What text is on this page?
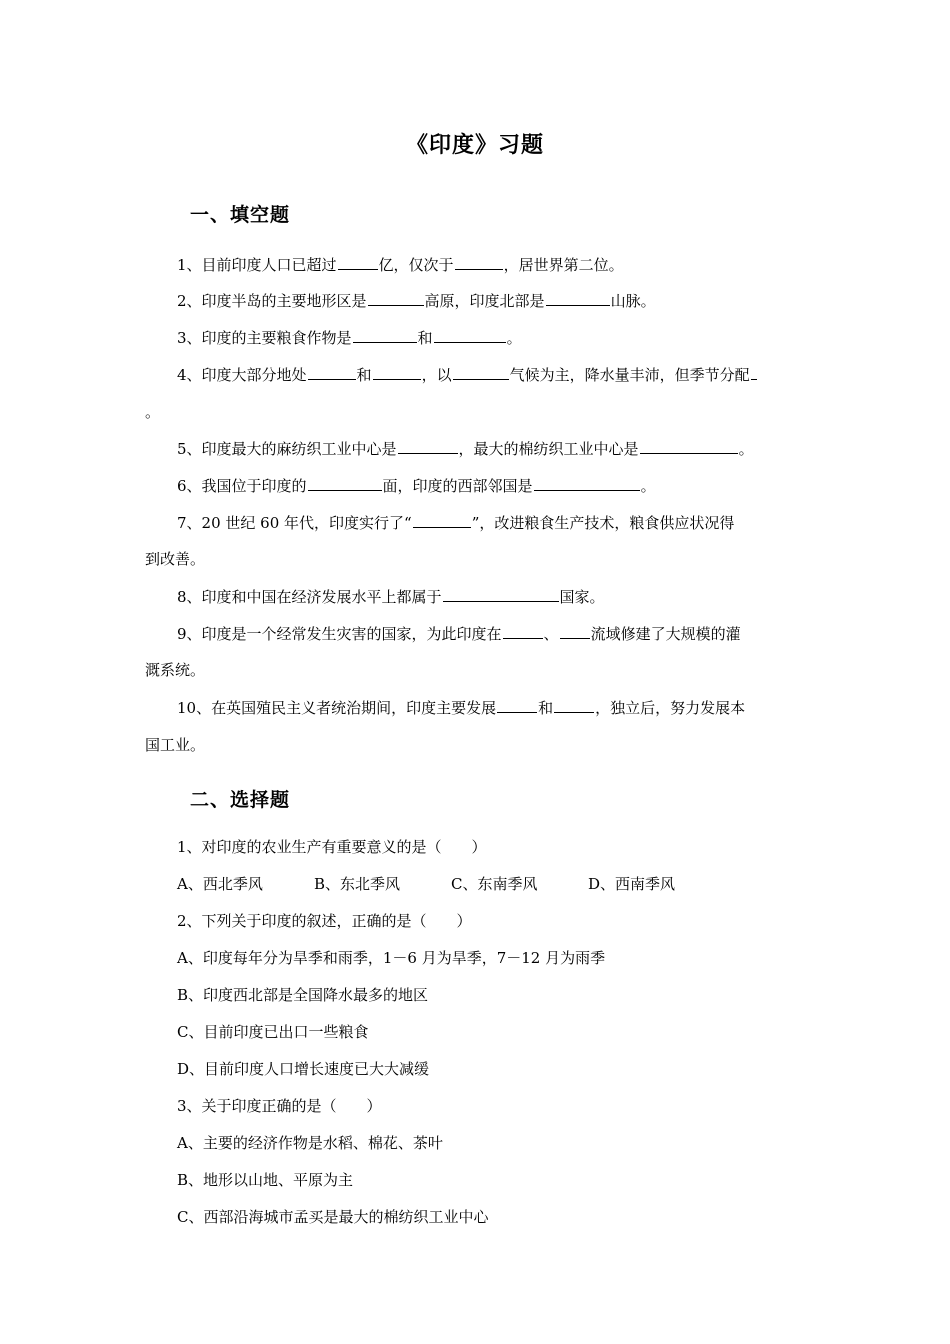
《印度》习题
一、填空题
1、目前印度人口已超过	亿，仅次于	，居世界第二位。
2、印度半岛的主要地形区是	高原，印度北部是	山脉。
3、印度的主要粮食作物是	和	。
4、印度大部分地处	和	，以	气候为主，降水量丰沛，但季节分配
。
5、印度最大的麻纺织工业中心是	，最大的棉纺织工业中心是	。
6、我国位于印度的	面，印度的西部邻国是	。
7、20 世纪 60 年代，印度实行了“	”，改进粮食生产技术，粮食供应状况得
到改善。
8、印度和中国在经济发展水平上都属于	国家。
9、印度是一个经常发生灾害的国家，为此印度在	、 流域修建了大规模的灌
溉系统。
10、在英国殖民主义者统治期间，印度主要发展	和	，独立后，努力发展本
国工业。
二、选择题
1、对印度的农业生产有重要意义的是（　　）
A、西北季风	B、东北季风	C、东南季风	D、西南季风
2、下列关于印度的叙述，正确的是（　　）
A、印度每年分为旱季和雨季，1－6 月为旱季，7－12 月为雨季
B、印度西北部是全国降水最多的地区
C、目前印度已出口一些粮食
D、目前印度人口增长速度已大大减缓
3、关于印度正确的是（　　）
A、主要的经济作物是水稻、棉花、茶叶
B、地形以山地、平原为主
C、西部沿海城市孟买是最大的棉纺织工业中心
